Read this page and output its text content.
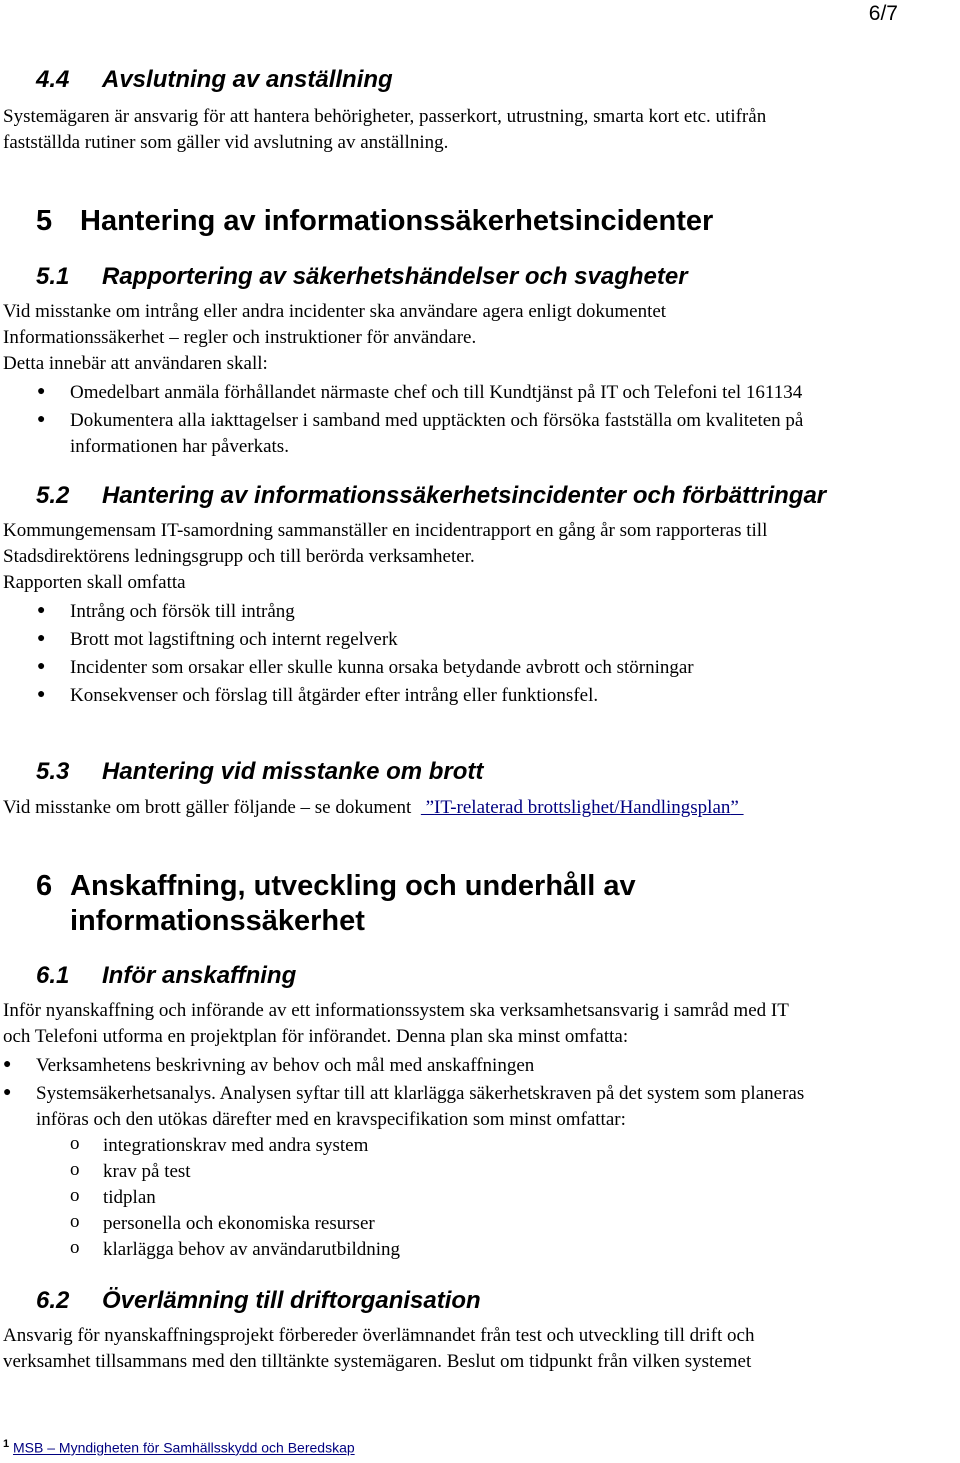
6/7
4.4 Avslutning av anställning
Systemägaren är ansvarig för att hantera behörigheter, passerkort, utrustning, smarta kort etc. utifrån
fastställda rutiner som gäller vid avslutning av anställning.
5 Hantering av informationssäkerhetsincidenter
5.1 Rapportering av säkerhetshändelser och svagheter
Vid misstanke om intrång eller andra incidenter ska användare agera enligt dokumentet
Informationssäkerhet – regler och instruktioner för användare.
Detta innebär att användaren skall:
● Omedelbart anmäla förhållandet närmaste chef och till Kundtjänst på IT och Telefoni tel 161134
● Dokumentera alla iakttagelser i samband med upptäckten och försöka fastställa om kvaliteten på
informationen har påverkats.
5.2 Hantering av informationssäkerhetsincidenter och förbättringar
Kommungemensam IT-samordning sammanställer en incidentrapport en gång år som rapporteras till
Stadsdirektörens ledningsgrupp och till berörda verksamheter.
Rapporten skall omfatta
● Intrång och försök till intrång
● Brott mot lagstiftning och internt regelverk
● Incidenter som orsakar eller skulle kunna orsaka betydande avbrott och störningar
● Konsekvenser och förslag till åtgärder efter intrång eller funktionsfel.
5.3 Hantering vid misstanke om brott
Vid misstanke om brott gäller följande – se dokument   ”IT-relaterad brottslighet/Handlingsplan”
6 Anskaffning, utveckling och underhåll av
informationssäkerhet
6.1 Inför anskaffning
Inför nyanskaffning och införande av ett informationssystem ska verksamhetsansvarig i samråd med IT
och Telefoni utforma en projektplan för införandet. Denna plan ska minst omfatta:
● Verksamhetens beskrivning av behov och mål med anskaffningen
● Systemsäkerhetsanalys. Analysen syftar till att klarlägga säkerhetskraven på det system som planeras
införas och den utökas därefter med en kravspecifikation som minst omfattar:
o integrationskrav med andra system
o krav på test
o tidplan
o personella och ekonomiska resurser
o klarlägga behov av användarutbildning
6.2 Överlämning till driftorganisation
Ansvarig för nyanskaffningsprojekt förbereder överlämnandet från test och utveckling till drift och
verksamhet tillsammans med den tilltänkte systemägaren. Beslut om tidpunkt från vilken systemet
$^1$ MSB – Myndigheten för Samhällsskydd och Beredskap
